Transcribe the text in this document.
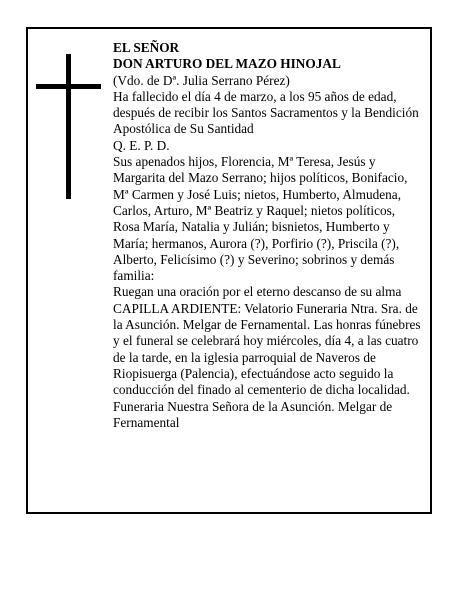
EL SEÑOR

DON ARTURO DEL MAZO HINOJAL

(Vdo. de Dª. Julia Serrano Pérez)

Ha fallecido el día 4 de marzo, a los 95 años de edad, después de recibir los Santos Sacramentos y la Bendición Apostólica de Su Santidad

Q. E. P. D.

Sus apenados hijos, Florencia, Mª Teresa, Jesús y Margarita del Mazo Serrano; hijos políticos, Bonifacio, Mª Carmen y José Luis; nietos, Humberto, Almudena, Carlos, Arturo, Mª Beatriz y Raquel; nietos políticos, Rosa María, Natalia y Julián; bisnietos, Humberto y María; hermanos, Aurora (?), Porfirio (?), Priscila (?), Alberto, Felicísimo (?) y Severino; sobrinos y demás familia:

Ruegan una oración por el eterno descanso de su alma

CAPILLA ARDIENTE: Velatorio Funeraria Ntra. Sra. de la Asunción. Melgar de Fernamental. Las honras fúnebres y el funeral se celebrará hoy miércoles, día 4, a las cuatro de la tarde, en la iglesia parroquial de Naveros de Riopisuerga (Palencia), efectuándose acto seguido la conducción del finado al cementerio de dicha localidad.

Funeraria Nuestra Señora de la Asunción. Melgar de Fernamental
